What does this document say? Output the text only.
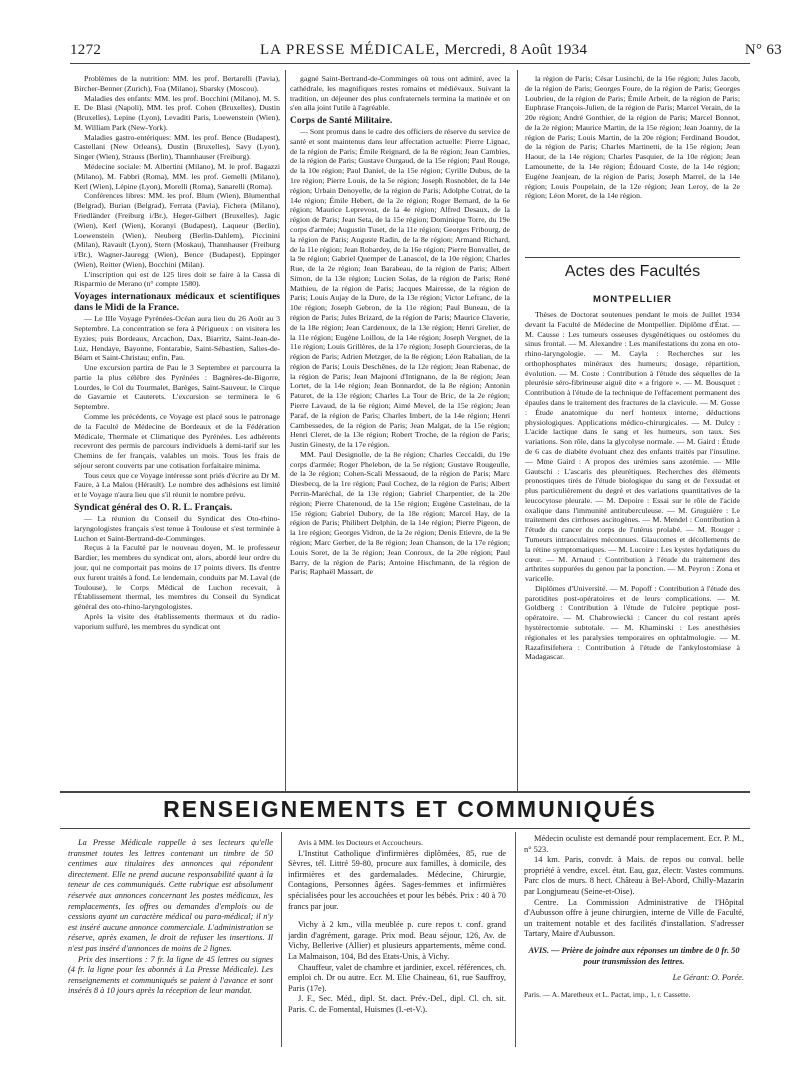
1272	LA PRESSE MÉDICALE, Mercredi, 8 Août 1934	N° 63

Problèmes de la nutrition: MM. les prof. Bertarelli (Pavia), Bircher-Benner (Zurich), Foa (Milano), Sbarsky (Moscou).

Maladies des enfants: MM. les prof. Bocchini (Milano), M. S. E. De Blasi (Napoli), MM. les prof. Cohen (Bruxelles), Dustin (Bruxelles), Lepine (Lyon), Levaditi Paris, Loewenstein (Wien), M. William Park (New-York).

Maladies gastro-entériques: MM. les prof. Bence (Budapest), Castellani (New Orleans), Dustin (Bruxelles), Savy (Lyon), Singer (Wien), Strauss (Berlin), Thannhauser (Freiburg).

Médecine sociale: M. Albertini (Milano), M. le prof. Bagazzi (Milano), M. Fabbri (Roma), MM. les prof. Gemelli (Milano), Kerl (Wien), Lépine (Lyon), Morelli (Roma), Sanarelli (Roma).

Conférences libres: MM. les prof. Blum (Wien), Blumenthal (Belgrad), Burian (Belgrad), Ferrata (Pavia), Fichera (Milano), Friedländer (Freiburg i/Br.), Heger-Gilbert (Bruxelles), Jagic (Wien), Kerl (Wien), Koranyi (Budapest), Laqueur (Berlin), Loewenstein (Wien), Neuberg (Berlin-Dahlem), Piccinini (Milan), Ravault (Lyon), Stern (Moskau), Thannhauser (Freiburg i/Br.), Wagner-Jauregg (Wien), Bence (Budapest), Eppinger (Wien), Reitter (Wien), Bocchini (Milan).

L'inscription qui est de 125 lires doit se faire à la Cassa di Risparmio de Merano (n° compte 1580).

Voyages internationaux médicaux et scientifiques dans le Midi de la France.

— Le IIIe Voyage Pyrénées-Océan aura lieu du 26 Août au 3 Septembre. La concentration se fera à Périgueux : on visitera les Eyzies; puis Bordeaux, Arcachon, Dax, Biarritz, Saint-Jean-de-Luz, Hendaye, Bayonne, Fontarabie, Saint-Sébastien, Salies-de-Béarn et Saint-Christau; enfin, Pau.

Une excursion partira de Pau le 3 Septembre et parcourra la partie la plus célèbre des Pyrénées : Bagnères-de-Bigorre, Lourdes, le Col du Tourmalet, Barèges, Saint-Sauveur, le Cirque de Gavarnie et Cauterets. L'excursion se terminera le 6 Septembre.

Comme les précédents, ce Voyage est placé sous le patronage de la Faculté de Médecine de Bordeaux et de la Fédération Médicale, Thermale et Climatique des Pyrénées. Les adhérents recevront des permis de parcours individuels à demi-tarif sur les Chemins de fer français, valables un mois. Tous les frais de séjour seront couverts par une cotisation forfaitaire minima.

Tous ceux que ce Voyage intéresse sont priés d'écrire au Dr M. Faure, à La Malou (Hérault). Le nombre des adhésions est limité et le Voyage n'aura lieu que s'il réunit le nombre prévu.

Syndicat général des O. R. L. Français.

— La réunion du Conseil du Syndicat des Oto-rhino-laryngologistes français s'est tenue à Toulouse et s'est terminée à Luchon et Saint-Bertrand-de-Comminges.

Reçus à la Faculté par le nouveau doyen, M. le professeur Bardier, les membres du syndicat ont, alors, abordé leur ordre du jour, qui ne comportait pas moins de 17 points divers. Ils d'entre eux furent traités à fond. Le lendemain, conduits par M. Laval (de Toulouse), le Corps Médical de Luchon recevait, à l'Établissement thermal, les membres du Conseil du Syndicat général des oto-rhino-laryngologistes.

Après la visite des établissements thermaux et du radio-vaporium sulfuré, les membres du syndicat ont

gagné Saint-Bertrand-de-Comminges où tous ont admiré, avec la cathédrale, les magnifiques restes romains et médiévaux. Suivant la tradition, un déjeuner des plus confraternels termina la matinée et on s'en alla joint l'utile à l'agréable.

Corps de Santé Militaire.

— Sont promus dans le cadre des officiers de réserve du service de santé et sont maintenus dans leur affectation actuelle: Pierre Lignac, de la région de Paris; Émile Reignard, de la 8e région; Jean Cambies, de la région de Paris; Gustave Ourgaud, de la 15e région; Paul Rouge, de la 10e région; Paul Daniel, de la 15e région; Cyrille Dubus, de la 1re région; Pierre Louis, de la 5e région; Joseph Rosnoblet, de la 14e région; Urbain Denoyelle, de la région de Paris; Adolphe Cotrat, de la 14e région; Émile Hebert, de la 2e région; Roger Bernard, de la 6e région; Maurice Leprevost, de la 4e région; Alfred Desaux, de la région de Paris; Jean Seta, de la 15e région; Dominique Torre, du 19e corps d'armée; Augustin Tuset, de la 11e région; Georges Fribourg, de la région de Paris; Auguste Radin, de la 8e région; Armand Richard, de la 11e région; Jean Robardey, de la 16e région; Pierre Bonvallet, de la 9e région; Gabriel Quemper de Lanascol, de la 10e région; Charles Rue, de la 2e région; Jean Barabeau, de la région de Paris; Albert Simon, de la 13e région; Lucien Solas, de la région de Paris; René Mathieu, de la région de Paris; Jacques Mairesse, de la région de Paris; Louis Aujay de la Dure, de la 13e région; Victor Lefranc, de la 10e région; Joseph Gebron, de la 11e région; Paul Buneau, de la région de Paris; Jules Brizard, de la région de Paris; Maurice Claverie, de la 18e région; Jean Cardenoux, de la 13e région; Henri Grelier, de la 11e région; Eugène Loillou, de la 14e région; Joseph Vergnet, de la 11e région; Louis Grillères, de la 17e région; Joseph Gourcieras, de la région de Paris; Adrien Metzger, de la 8e région; Léon Rabalian, de la région de Paris; Louis Deschênes, de la 12e région; Jean Rabenac, de la région de Paris; Jean Majnoni d'Intignano, de la 8e région; Jean Lortet, de la 14e région; Jean Bonnardot, de la 8e région; Antonin Paturet, de la 13e région; Charles La Tour de Bric, de la 2e région; Pierre Lavaud, de la 6e région; Aimé Mevel, de la 15e région; Jean Paraf, de la région de Paris; Charles Imbert, de la 14e région; Henri Cambessedes, de la région de Paris; Jean Malgat, de la 15e région; Henri Cleret, de la 13e région; Robert Troche, de la région de Paris; Justin Ginesty, de la 17e région.

MM. Paul Designolle, de la 8e région; Charles Ceccaldi, du 19e corps d'armée; Roger Phelebon, de la 5e région; Gustave Rougeulle, de la 3e région; Cohen-Scali Messaoud, de la région de Paris; Marc Diesbecq, de la 1re région; Paul Cochez, de la région de Paris; Albert Perrin-Maréchal, de la 13e région; Gabriel Charpentier, de la 20e région; Pierre Chatenoud, de la 15e région; Eugène Castelnau, de la 15e région; Gabriel Dubory, de la 18e région; Marcel Hay, de la région de Paris; Philibert Delphin, de la 14e région; Pierre Pigeon, de la 1re région; Georges Vidron, de la 2e région; Denis Etievre, de la 9e région; Marc Gerber, de la 8e région; Jean Chanson, de la 17e région; Louis Soret, de la 3e région; Jean Conroux, de la 20e région; Paul Barry, de la région de Paris; Antoine Hischmann, de la région de Paris; Raphaël Massart, de

la région de Paris; César Lusinchi, de la 16e région; Jules Jacob, de la région de Paris; Georges Foure, de la région de Paris; Georges Loubrieu, de la région de Paris; Émile Arbeit, de la région de Paris; Euphrase François-Julien, de la région de Paris; Marcel Verain, de la 20e région; André Gonthier, de la région de Paris; Marcel Bonnot, de la 2e région; Maurice Martin, de la 15e région; Jean Joanny, de la région de Paris; Louis Martin, de la 20e région; Ferdinand Boudot, de la région de Paris; Charles Martinetti, de la 15e région; Jean Haour, de la 14e région; Charles Pasquier, de la 10e région; Jean Lamounette, de la 14e région; Édouard Coste, de la 14e région; Eugène Jeanjean, de la région de Paris; Joseph Marrel, de la 14e région; Louis Poupelain, de la 12e région; Jean Leroy, de la 2e région; Léon Moret, de la 14e région.

Actes des Facultés
MONTPELLIER

Thèses de Doctorat soutenues pendant le mois de Juillet 1934 devant la Faculté de Médecine de Montpellier. Diplôme d'État. — M. Causse : Les tumeurs osseuses dysgénétiques ou ostéomes du sinus frontal. — M. Alexandre : Les manifestations du zona en oto-rhino-laryngologie. — M. Cayla : Recherches sur les orthophosphates minéraux des humeurs; dosage, répartition, évolution. — M. Coste : Contribution à l'étude des séquelles de la pleurésie séro-fibrineuse aiguë dite « a frigore ». — M. Bousquet : Contribution à l'étude de la technique de l'effacement permanent des épaules dans le traitement des fractures de la clavicule. — M. Gosse : Étude anatomique du nerf honteux interne, déductions physiologiques. Applications médico-chirurgicales. — M. Dulcy : L'acide lactique dans le sang et les humeurs, son taux. Ses variations. Son rôle, dans la glycolyse normale. — M. Gaird : Étude de 6 cas de diabète évoluant chez des enfants traités par l'insuline. — Mme Gaird : A propos des urémies sans azotémie. — Mlle Gautschi : L'ascaris des pleurétiques. Recherches des éléments pronostiques tirés de l'étude biologique du sang et de l'exsudat et plus particulièrement du degré et des variations quantitatives de la leucocytose pleurale. — M. Depoire : Essai sur le rôle de l'acide oxalique dans l'immunité antituberculeuse. — M. Gruguière : Le traitement des cirrhoses ascitogènes. — M. Mendel : Contribution à l'étude du cancer du corps de l'utérus prolabé. — M. Rouger : Tumeurs intraoculaires méconnues. Glaucomes et décollements de la rétine symptomatiques. — M. Lucoire : Les kystes hydatiques du cœur. — M. Arnaud : Contribution à l'étude du traitement des arthrites suppurées du genou par la ponction. — M. Peyron : Zona et varicelle.

Diplômes d'Université. — M. Popoff : Contribution à l'étude des parotidites post-opératoires et de leurs complications. — M. Goldberg : Contribution à l'étude de l'ulcère peptique post-opératoire. — M. Chabrowiecki : Cancer du col restant après hystérectomie subtotale. — M. Khaminski : Les anesthésies régionales et les paralysies temporaires en ophtalmologie. — M. Razafitsifehera : Contribution à l'étude de l'ankylostomiase à Madagascar.

RENSEIGNEMENTS ET COMMUNIQUÉS

La Presse Médicale rappelle à ses lecteurs qu'elle transmet toutes les lettres contenant un timbre de 50 centimes aux titulaires des annonces qui répondent directement. Elle ne prend aucune responsabilité quant à la teneur de ces communiqués. Cette rubrique est absolument réservée aux annonces concernant les postes médicaux, les remplacements, les offres ou demandes d'emplois ou de cessions ayant un caractère médical ou para-médical; il n'y est inséré aucune annonce commerciale. L'administration se réserve, après examen, le droit de refuser les insertions. Il n'est pas inséré d'annonces de moins de 2 lignes.

Prix des insertions : 7 fr. la ligne de 45 lettres ou signes (4 fr. la ligne pour les abonnés à La Presse Médicale). Les renseignements et communiqués se paient à l'avance et sont insérés 8 à 10 jours après la réception de leur mandat.

Avis à MM. les Docteurs et Accoucheurs.

L'Institut Catholique d'infirmières diplômées, 85, rue de Sèvres, tél. Littré 59-80, procure aux familles, à domicile, des infirmières et des gardemalades. Médecine, Chirurgie, Contagions, Personnes âgées. Sages-femmes et infirmières spécialisées pour les accouchées et pour les bébés. Prix : 40 à 70 francs par jour.

Vichy à 2 km., villa meublée p. cure repos t. conf. grand jardin d'agrément, garage. Prix mod. Beau séjour, 126, Av. de Vichy, Bellerive (Allier) et plusieurs appartements, même cond. La Malmaison, 104, Bd des Etats-Unis, à Vichy.

Chauffeur, valet de chambre et jardinier, excel. références, ch. emploi ch. Dr ou autre. Ecr. M. Elie Chaineau, 61, rue Sauffroy, Paris (17e).

J. F., Sec. Méd., dipl. St. dact. Prév.-Del., dipl. Cl. ch. sit. Paris. C. de Fomental, Huismes (I.-et-V.).

Médecin oculiste est demandé pour remplacement. Ecr. P. M., n° 523.

14 km. Paris, convdr. à Mais. de repos ou conval. belle propriété à vendre, excel. état. Eau, gaz, électr. Vastes communs. Parc clos de murs. 8 hect. Château à Bel-Abord, Chilly-Mazarin par Longjumeau (Seine-et-Oise).

Centre. La Commission Administrative de l'Hôpital d'Aubusson offre à jeune chirurgien, interne de Ville de Faculté, un traitement notable et des facilités d'installation. S'adresser Tartary, Maire d'Aubusson.

AVIS. — Prière de joindre aux réponses un timbre de 0 fr. 50 pour transmission des lettres.

Le Gérant: O. Porée.

Paris. — A. Maretheux et L. Pactat, imp., 1, r. Cassette.
